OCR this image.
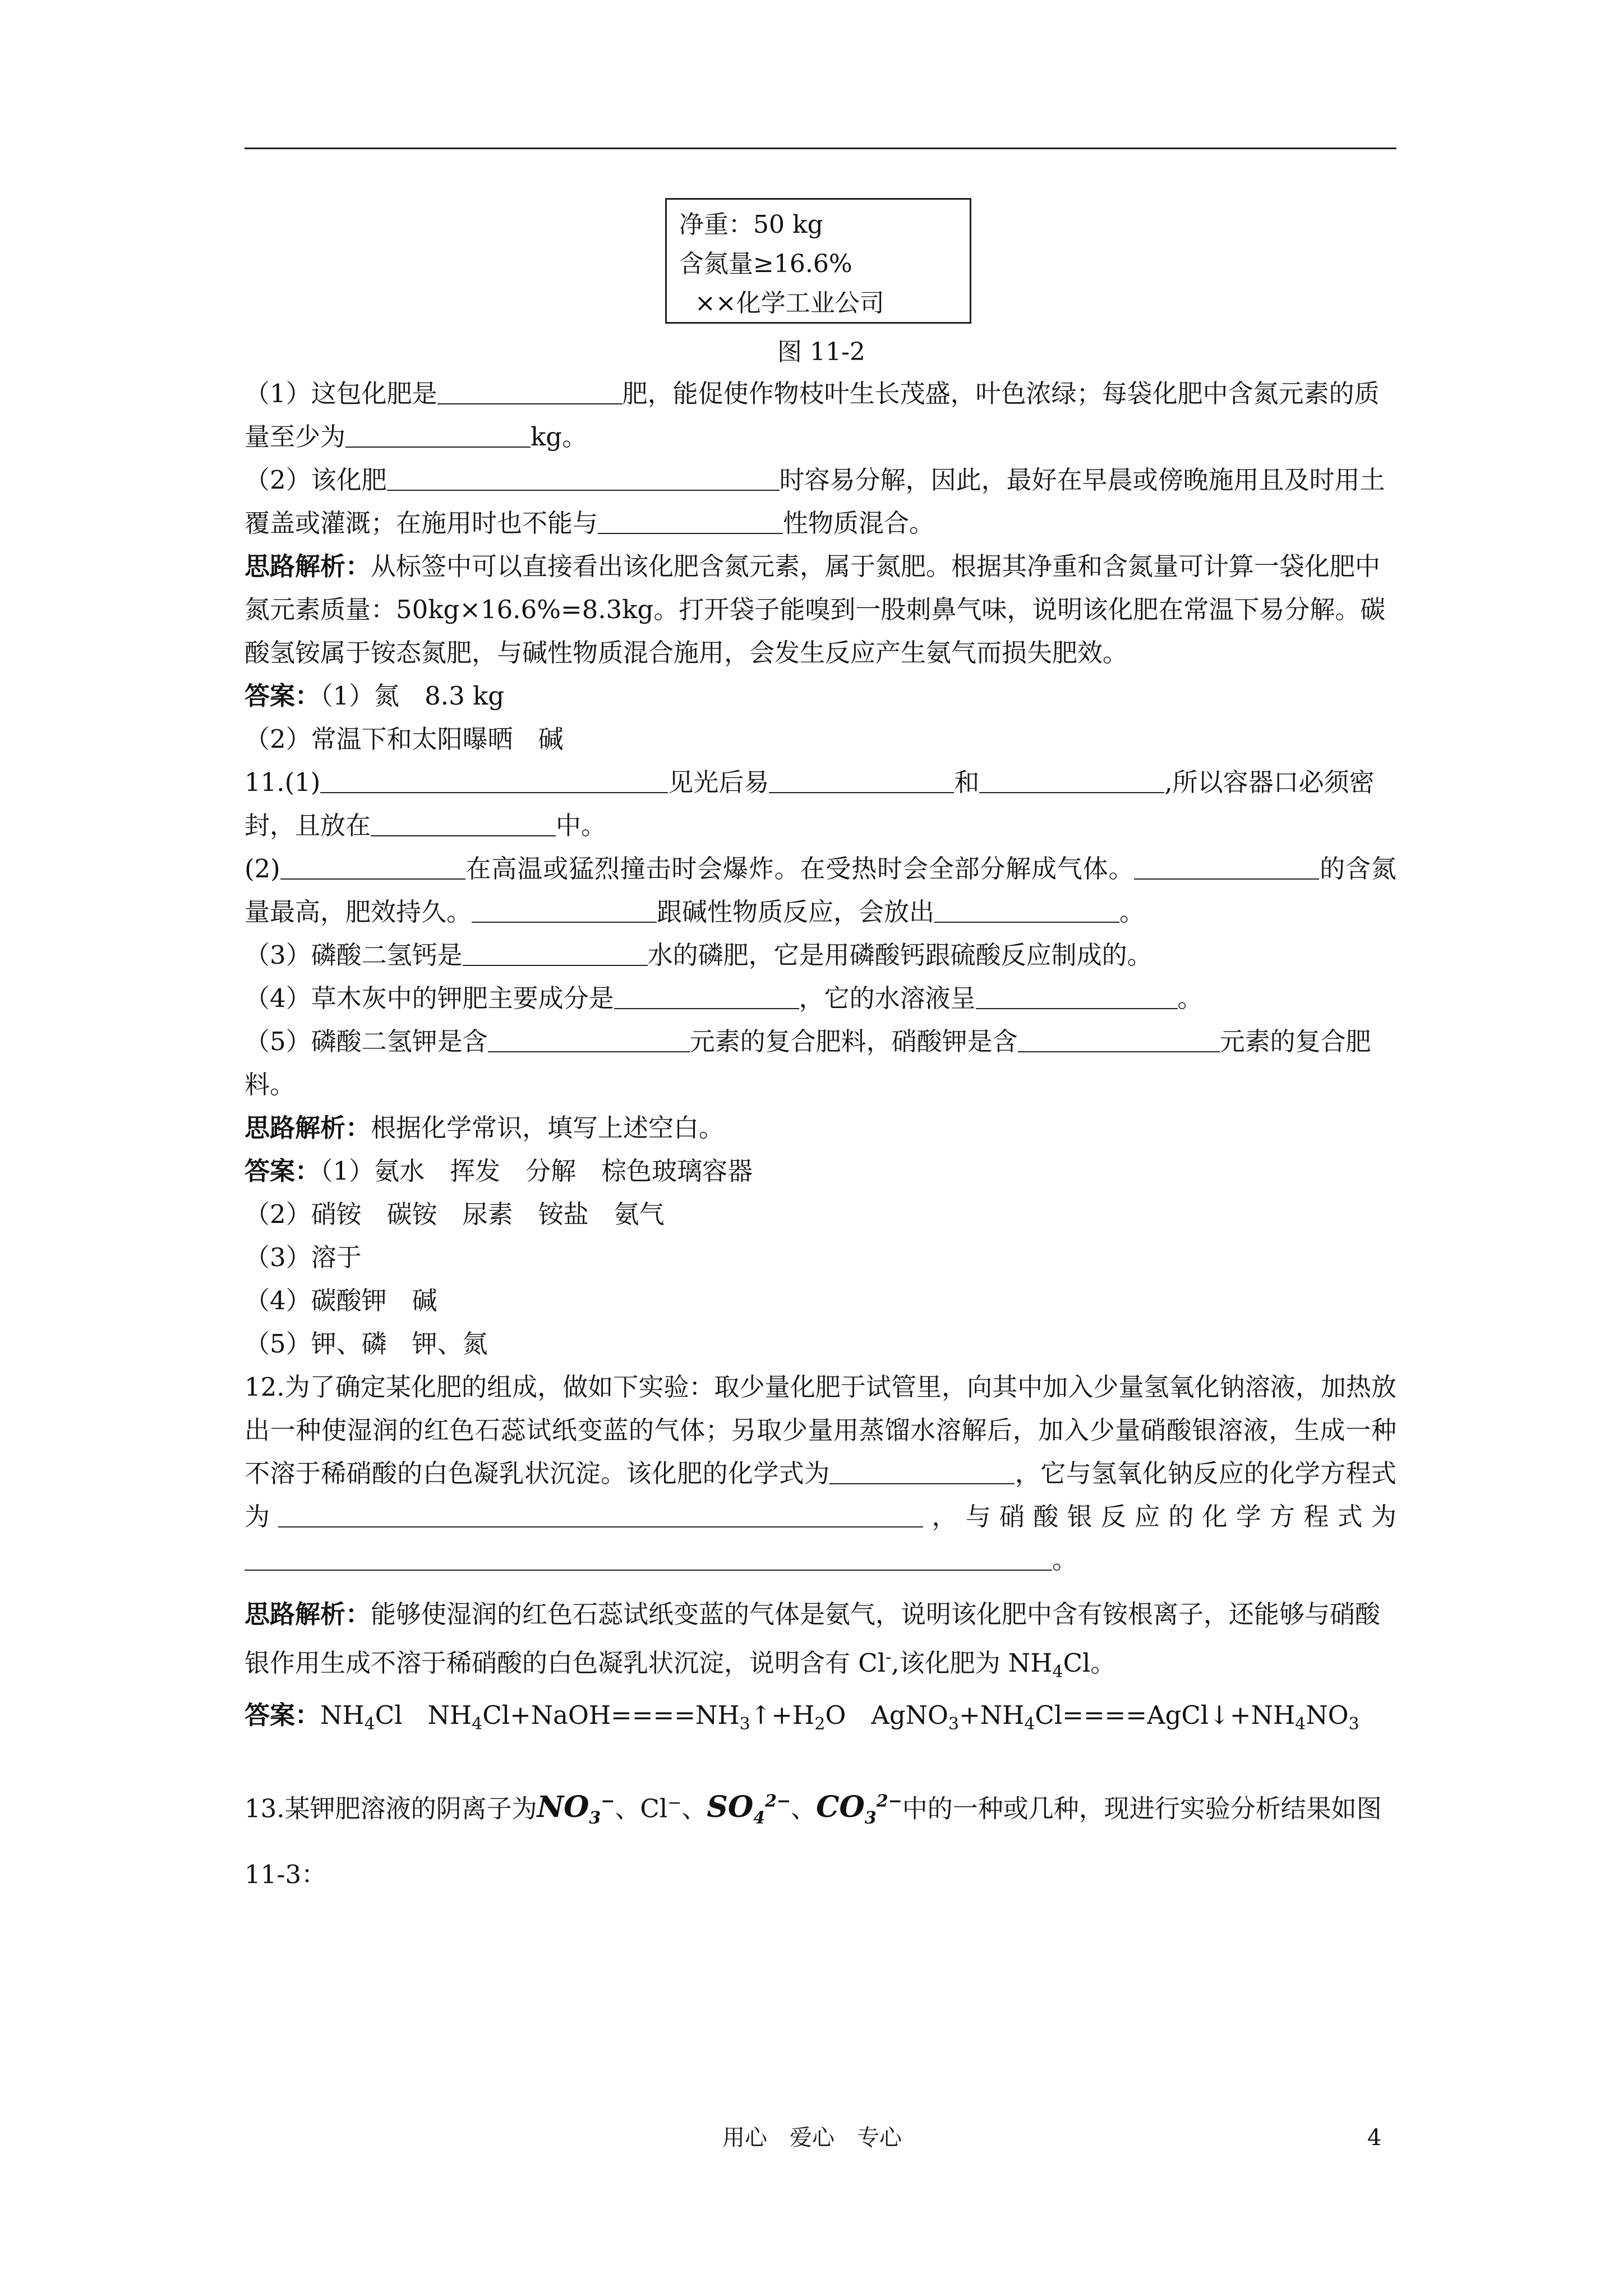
净重：50 kg
含氮量≥16.6%
××化学工业公司
图 11-2

（1）这包化肥是	肥，能促使作物枝叶生长茂盛，叶色浓绿；每袋化肥中含氮元素的质量至少为	kg。

（2）该化肥	时容易分解，因此，最好在早晨或傍晚施用且及时用土覆盖或灌溉；在施用时也不能与	性物质混合。

思路解析：从标签中可以直接看出该化肥含氮元素，属于氮肥。根据其净重和含氮量可计算一袋化肥中氮元素质量：50kg×16.6%=8.3kg。打开袋子能嗅到一股刺鼻气味，说明该化肥在常温下易分解。碳酸氢铵属于铵态氮肥，与碱性物质混合施用，会发生反应产生氨气而损失肥效。

答案：（1）氮　8.3 kg

（2）常温下和太阳曝晒　碱

11.(1)	见光后易	和	,所以容器口必须密封，且放在	中。

(2)	在高温或猛烈撞击时会爆炸。在受热时会全部分解成气体。	的含氮量最高，肥效持久。	跟碱性物质反应，会放出	。

（3）磷酸二氢钙是	水的磷肥，它是用磷酸钙跟硫酸反应制成的。

（4）草木灰中的钾肥主要成分是	，它的水溶液呈	。

（5）磷酸二氢钾是含	元素的复合肥料，硝酸钾是含	元素的复合肥料。

思路解析：根据化学常识，填写上述空白。

答案：（1）氨水　挥发　分解　棕色玻璃容器

（2）硝铵　碳铵　尿素　铵盐　氨气

（3）溶于

（4）碳酸钾　碱

（5）钾、磷　钾、氮

12.为了确定某化肥的组成，做如下实验：取少量化肥于试管里，向其中加入少量氢氧化钠溶液，加热放出一种使湿润的红色石蕊试纸变蓝的气体；另取少量用蒸馏水溶解后，加入少量硝酸银溶液，生成一种不溶于稀硝酸的白色凝乳状沉淀。该化肥的化学式为	，它与氢氧化钠反应的化学方程式为	，与硝酸银反应的化学方程式为。

思路解析：能够使湿润的红色石蕊试纸变蓝的气体是氨气，说明该化肥中含有铵根离子，还能够与硝酸银作用生成不溶于稀硝酸的白色凝乳状沉淀，说明含有 Cl-,该化肥为 $NH_4Cl$。

答案：$NH_4Cl$　$NH_4Cl+NaOH====NH_3↑+H_2O$　$AgNO_3+NH_4Cl====AgCl↓+NH_4NO_3$

13.某钾肥溶液的阴离子为$NO_3^-$、Cl−、$SO_4^{2-}$、$CO_3^{2-}$中的一种或几种，现进行实验分析结果如图 11-3：

用心　爱心　专心	4
